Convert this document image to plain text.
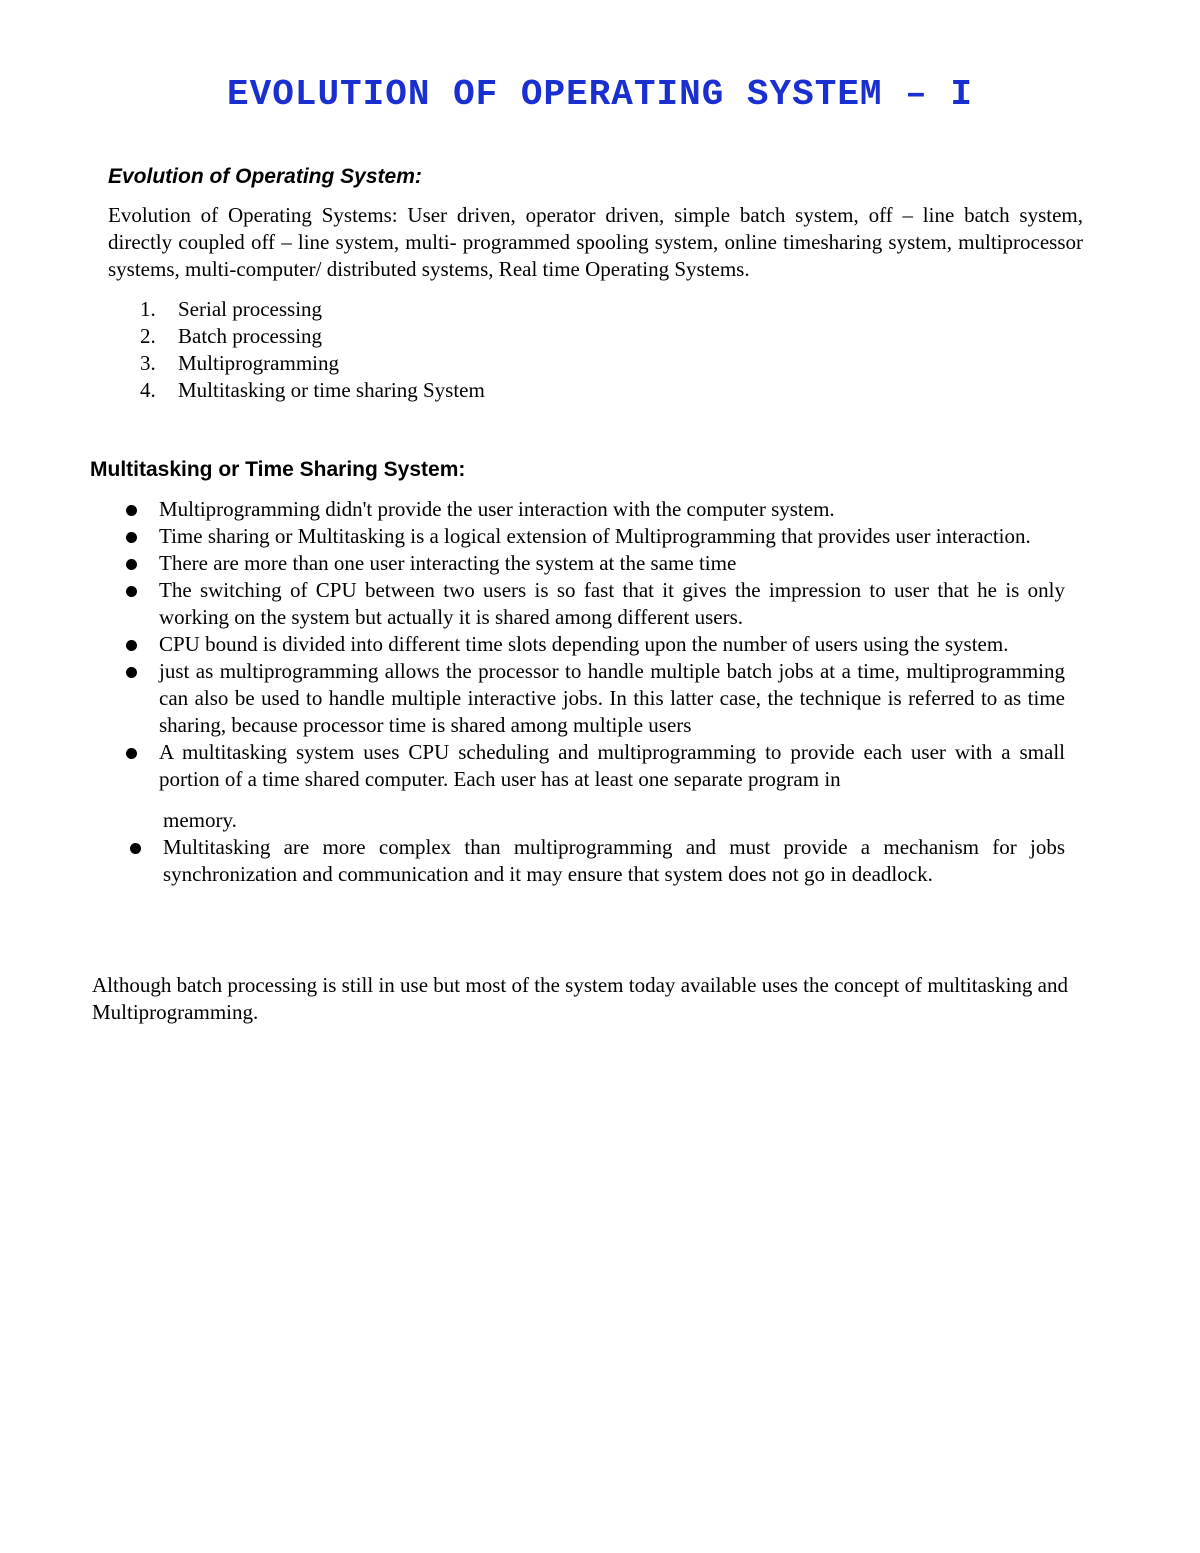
EVOLUTION OF OPERATING SYSTEM – I
Evolution of Operating System:

Evolution of Operating Systems: User driven, operator driven, simple batch system, off – line batch system, directly coupled off – line system, multi- programmed spooling system, online timesharing system, multiprocessor systems, multi-computer/ distributed systems, Real time Operating Systems.

1. Serial processing
2. Batch processing
3. Multiprogramming
4. Multitasking or time sharing System
Multitasking or Time Sharing System:
Multiprogramming didn't provide the user interaction with the computer system.
Time sharing or Multitasking is a logical extension of Multiprogramming that provides user interaction.
There are more than one user interacting the system at the same time
The switching of CPU between two users is so fast that it gives the impression to user that he is only working on the system but actually it is shared among different users.
CPU bound is divided into different time slots depending upon the number of users using the system.
just as multiprogramming allows the processor to handle multiple batch jobs at a time, multiprogramming can also be used to handle multiple interactive jobs. In this latter case, the technique is referred to as time sharing, because processor time is shared among multiple users
A multitasking system uses CPU scheduling and multiprogramming to provide each user with a small portion of a time shared computer. Each user has at least one separate program in
memory.
Multitasking are more complex than multiprogramming and must provide a mechanism for jobs synchronization and communication and it may ensure that system does not go in deadlock.

Although batch processing is still in use but most of the system today available uses the concept of multitasking and Multiprogramming.
